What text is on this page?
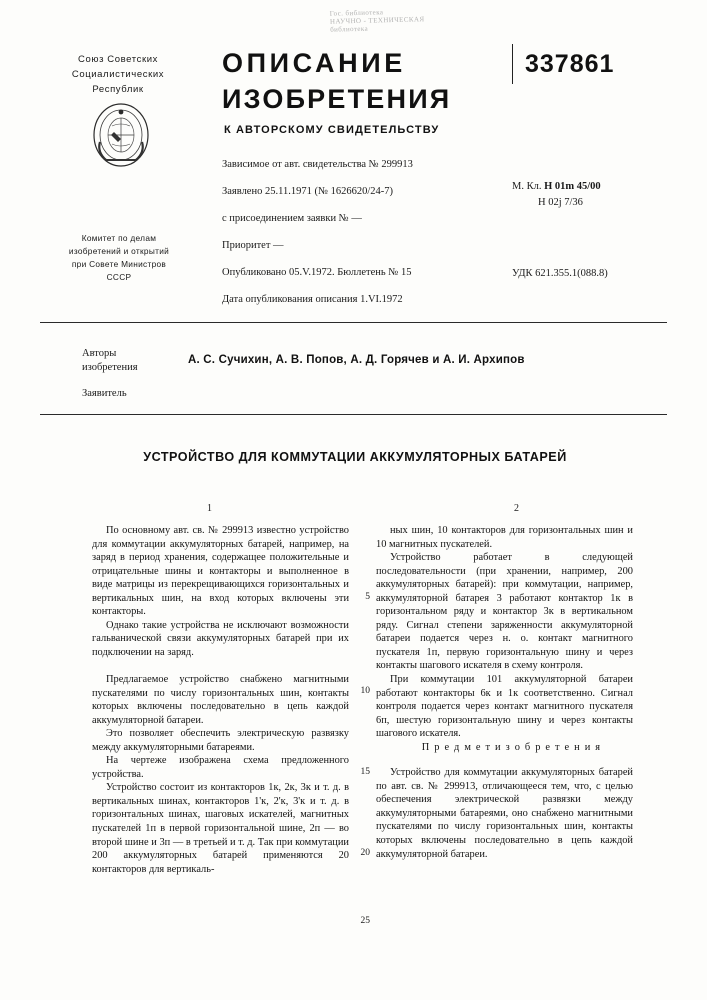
Гос. библиотека
НАУЧНО - ТЕХНИЧЕСКАЯ
библиотека
Союз Советских
Социалистических
Республик
Комитет по делам
изобретений и открытий
при Совете Министров
СССР
ОПИСАНИЕ
ИЗОБРЕТЕНИЯ
К АВТОРСКОМУ СВИДЕТЕЛЬСТВУ
337861
Зависимое от авт. свидетельства № 299913
Заявлено 25.11.1971 (№ 1626620/24-7)
с присоединением заявки № —
Приоритет —
Опубликовано 05.V.1972. Бюллетень № 15
Дата опубликования описания 1.VI.1972
М. Кл. H 01m 45/00
H 02j 7/36
УДК 621.355.1(088.8)
Авторы
изобретения
А. С. Сучихин, А. В. Попов, А. Д. Горячев и А. И. Архипов
Заявитель
УСТРОЙСТВО ДЛЯ КОММУТАЦИИ АККУМУЛЯТОРНЫХ БАТАРЕЙ
1	2
5
10
15
20
25

По основному авт. св. № 299913 известно устройство для коммутации аккумуляторных батарей, например, на заряд в период хранения, содержащее положительные и отрицательные шины и контакторы и выполненное в виде матрицы из перекрещивающихся горизонтальных и вертикальных шин, на вход которых включены эти контакторы.

Однако такие устройства не исключают возможности гальванической связи аккумуляторных батарей при их подключении на заряд.

Предлагаемое устройство снабжено магнитными пускателями по числу горизонтальных шин, контакты которых включены последовательно в цепь каждой аккумуляторной батареи.

Это позволяет обеспечить электрическую развязку между аккумуляторными батареями.

На чертеже изображена схема предложенного устройства.

Устройство состоит из контакторов 1к, 2к, 3к и т. д. в вертикальных шинах, контакторов 1'к, 2'к, 3'к и т. д. в горизонтальных шинах, шаговых искателей, магнитных пускателей 1п в первой горизонтальной шине, 2п — во второй шине и 3п — в третьей и т. д. Так при коммутации 200 аккумуляторных батарей применяются 20 контакторов для вертикаль-

ных шин, 10 контакторов для горизонтальных шин и 10 магнитных пускателей.

Устройство работает в следующей последовательности (при хранении, например, 200 аккумуляторных батарей): при коммутации, например, аккумуляторной батарея 3 работают контактор 1к в горизонтальном ряду и контактор 3к в вертикальном ряду. Сигнал степени заряженности аккумуляторной батареи подается через н. о. контакт магнитного пускателя 1п, первую горизонтальную шину и через контакты шагового искателя в схему контроля.

При коммутации 101 аккумуляторной батареи работают контакторы 6к и 1к соответственно. Сигнал контроля подается через контакт магнитного пускателя 6п, шестую горизонтальную шину и через контакты шагового искателя.

П р е д м е т и з о б р е т е н и я

Устройство для коммутации аккумуляторных батарей по авт. св. № 299913, отличающееся тем, что, с целью обеспечения электрической развязки между аккумуляторными батареями, оно снабжено магнитными пускателями по числу горизонтальных шин, контакты которых включены последовательно в цепь каждой аккумуляторной батареи.
